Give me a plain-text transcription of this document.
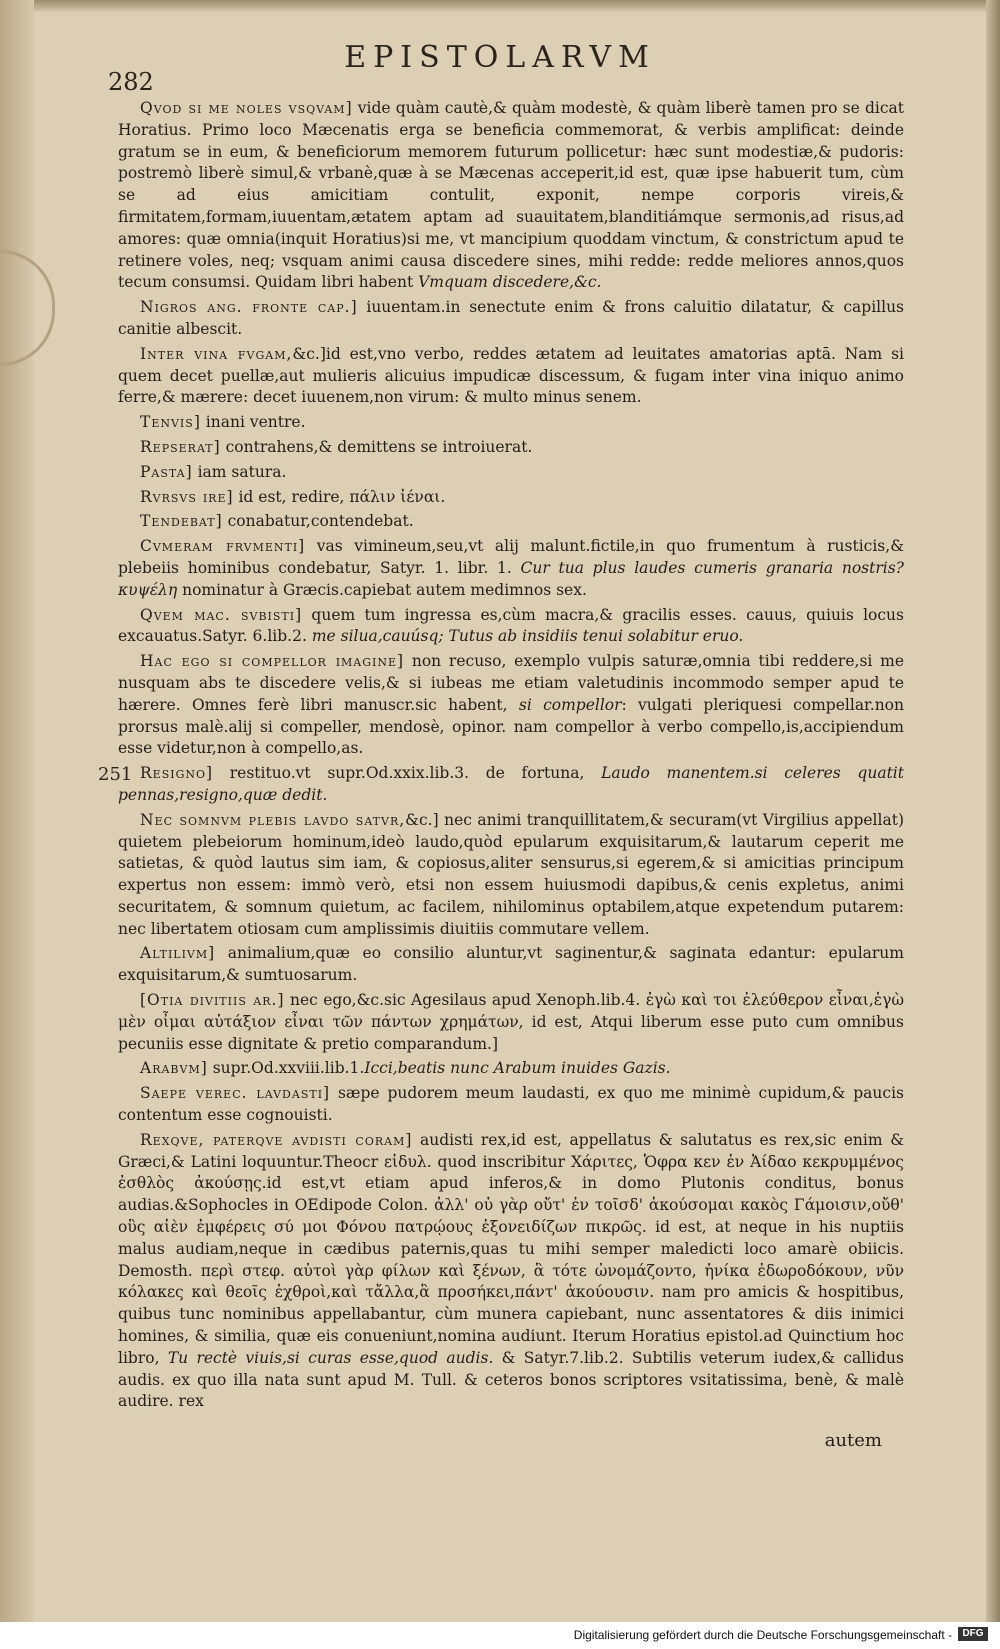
282
EPISTOLARVM
251

Qvod si me noles vsqvam] vide quàm cautè,& quàm modestè, & quàm liberè tamen pro se dicat Horatius. Primo loco Mæcenatis erga se beneficia commemorat, & verbis amplificat: deinde gratum se in eum, & beneficiorum memorem futurum pollicetur: hæc sunt modestiæ,& pudoris: postremò liberè simul,& vrbanè,quæ à se Mæcenas acceperit,id est, quæ ipse habuerit tum, cùm se ad eius amicitiam contulit, exponit, nempe corporis vireis,& firmitatem,formam,iuuentam,ætatem aptam ad suauitatem,blanditiámque sermonis,ad risus,ad amores: quæ omnia(inquit Horatius)si me, vt mancipium quoddam vinctum, & constrictum apud te retinere voles, neq; vsquam animi causa discedere sines, mihi redde: redde meliores annos,quos tecum consumsi. Quidam libri habent Vmquam discedere,&c.

Nigros ang. fronte cap.] iuuentam.in senectute enim & frons caluitio dilatatur, & capillus canitie albescit.

Inter vina fvgam,&c.]id est,vno verbo, reddes ætatem ad leuitates amatorias aptā. Nam si quem decet puellæ,aut mulieris alicuius impudicæ discessum, & fugam inter vina iniquo animo ferre,& mærere: decet iuuenem,non virum: & multo minus senem.

Tenvis] inani ventre.

Repserat] contrahens,& demittens se introiuerat.

Pasta] iam satura.

Rvrsvs ire] id est, redire, πάλιν ἰέναι.

Tendebat] conabatur,contendebat.

Cvmeram frvmenti] vas vimineum,seu,vt alij malunt.fictile,in quo frumentum à rusticis,& plebeiis hominibus condebatur, Satyr. 1. libr. 1. Cur tua plus laudes cumeris granaria nostris? κυψέλη nominatur à Græcis.capiebat autem medimnos sex.

Qvem mac. svbisti] quem tum ingressa es,cùm macra,& gracilis esses. cauus, quiuis locus excauatus.Satyr. 6.lib.2. me silua,cauúsq; Tutus ab insidiis tenui solabitur eruo.

Hac ego si compellor imagine] non recuso, exemplo vulpis saturæ,omnia tibi reddere,si me nusquam abs te discedere velis,& si iubeas me etiam valetudinis incommodo semper apud te hærere. Omnes ferè libri manuscr.sic habent, si compellor: vulgati pleriquesi compellar.non prorsus malè.alij si compeller, mendosè, opinor. nam compellor à verbo compello,is,accipiendum esse videtur,non à compello,as.

Resigno] restituo.vt supr.Od.xxix.lib.3. de fortuna, Laudo manentem.si celeres quatit pennas,resigno,quæ dedit.

Nec somnvm plebis lavdo satvr,&c.] nec animi tranquillitatem,& securam(vt Virgilius appellat) quietem plebeiorum hominum,ideò laudo,quòd epularum exquisitarum,& lautarum ceperit me satietas, & quòd lautus sim iam, & copiosus,aliter sensurus,si egerem,& si amicitias principum expertus non essem: immò verò, etsi non essem huiusmodi dapibus,& cenis expletus, animi securitatem, & somnum quietum, ac facilem, nihilominus optabilem,atque expetendum putarem: nec libertatem otiosam cum amplissimis diuitiis commutare vellem.

Altilivm] animalium,quæ eo consilio aluntur,vt saginentur,& saginata edantur: epularum exquisitarum,& sumtuosarum.

[Otia divitiis ar.] nec ego,&c.sic Agesilaus apud Xenoph.lib.4. ἐγὼ καὶ τοι ἐλεύθερον εἶναι,ἐγὼ μὲν οἶμαι αὐτάξιον εἶναι τῶν πάντων χρημάτων, id est, Atqui liberum esse puto cum omnibus pecuniis esse dignitate & pretio comparandum.]

Arabvm] supr.Od.xxviii.lib.1.Icci,beatis nunc Arabum inuides Gazis.

Saepe verec. lavdasti] sæpe pudorem meum laudasti, ex quo me minimè cupidum,& paucis contentum esse cognouisti.

Rexqve, paterqve avdisti coram] audisti rex,id est, appellatus & salutatus es rex,sic enim & Græci,& Latini loquuntur.Theocr εἰδυλ. quod inscribitur Χάριτες, Ὁφρα κεν ἐν Ἀίδαο κεκρυμμένος ἐσθλὸς ἀκούσῃς.id est,vt etiam apud inferos,& in domo Plutonis conditus, bonus audias.&Sophocles in OEdipode Colon. ἀλλ' οὐ γὰρ οὔτ' ἐν τοῖσδ' ἀκούσομαι κακὸς Γάμοισιν,οὔθ' οὓς αἰὲν ἐμφέρεις σύ μοι Φόνου πατρῴους ἐξονειδίζων πικρῶς. id est, at neque in his nuptiis malus audiam,neque in cædibus paternis,quas tu mihi semper maledicti loco amarè obiicis. Demosth. περὶ στεφ. αὐτοὶ γὰρ φίλων καὶ ξένων, ἃ τότε ὠνομάζοντο, ἡνίκα ἐδωροδόκουν, νῦν κόλακες καὶ θεοῖς ἐχθροὶ,καὶ τἄλλα,ἃ προσήκει,πάντ' ἀκούουσιν. nam pro amicis & hospitibus, quibus tunc nominibus appellabantur, cùm munera capiebant, nunc assentatores & diis inimici homines, & similia, quæ eis conueniunt,nomina audiunt. Iterum Horatius epistol.ad Quinctium hoc libro, Tu rectè viuis,si curas esse,quod audis. & Satyr.7.lib.2. Subtilis veterum iudex,& callidus audis. ex quo illa nata sunt apud M. Tull. & ceteros bonos scriptores vsitatissima, benè, & malè audire. rex

autem
Digitalisierung gefördert durch die Deutsche Forschungsgemeinschaft -	DFG
